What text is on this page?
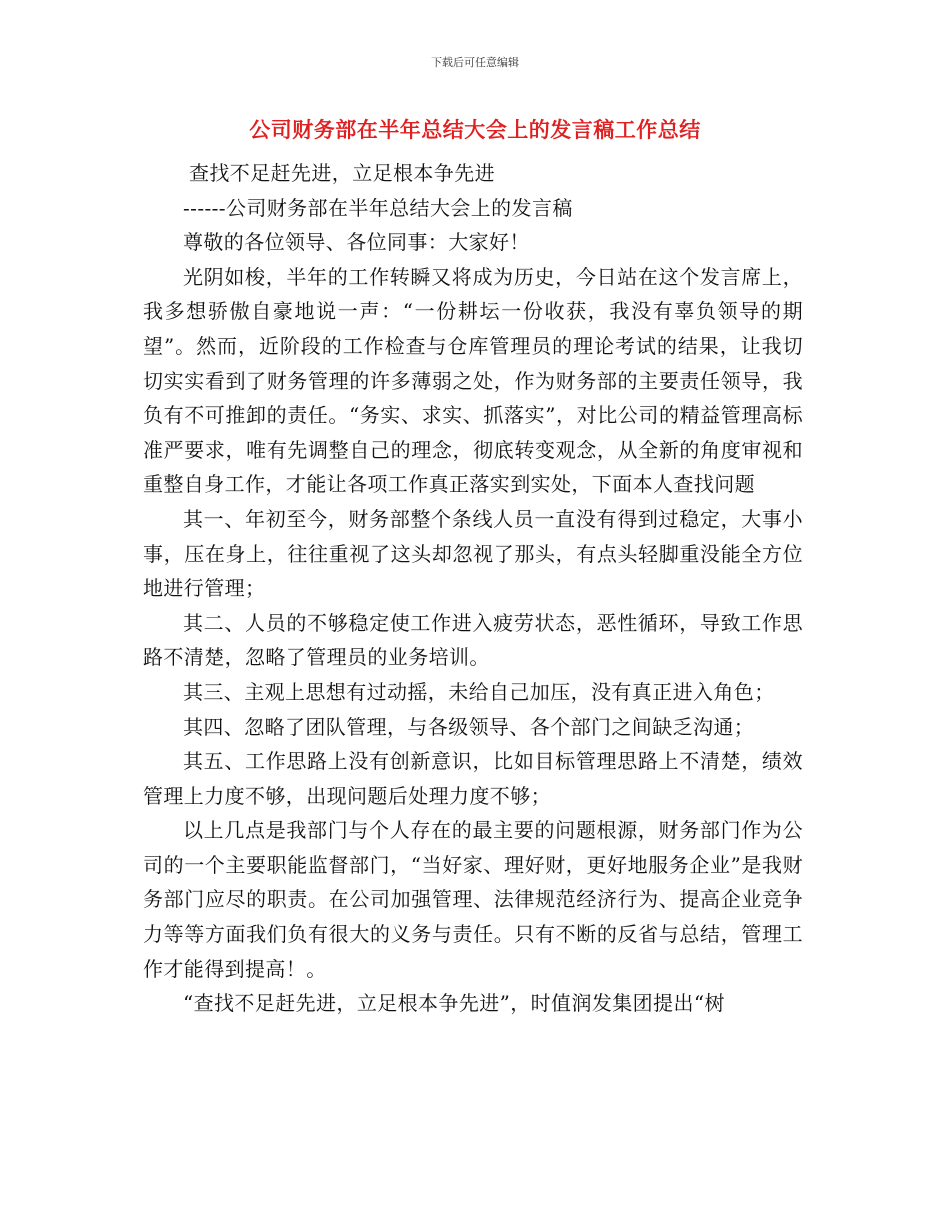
下载后可任意编辑
公司财务部在半年总结大会上的发言稿工作总结

查找不足赶先进，立足根本争先进

------公司财务部在半年总结大会上的发言稿

尊敬的各位领导、各位同事：大家好！

光阴如梭，半年的工作转瞬又将成为历史，今日站在这个发言席上，我多想骄傲自豪地说一声：“一份耕坛一份收获，我没有辜负领导的期望”。然而，近阶段的工作检查与仓库管理员的理论考试的结果，让我切切实实看到了财务管理的许多薄弱之处，作为财务部的主要责任领导，我负有不可推卸的责任。“务实、求实、抓落实”，对比公司的精益管理高标准严要求，唯有先调整自己的理念，彻底转变观念，从全新的角度审视和重整自身工作，才能让各项工作真正落实到实处，下面本人查找问题

其一、年初至今，财务部整个条线人员一直没有得到过稳定，大事小事，压在身上，往往重视了这头却忽视了那头，有点头轻脚重没能全方位地进行管理；

其二、人员的不够稳定使工作进入疲劳状态，恶性循环，导致工作思路不清楚，忽略了管理员的业务培训。

其三、主观上思想有过动摇，未给自己加压，没有真正进入角色；

其四、忽略了团队管理，与各级领导、各个部门之间缺乏沟通；

其五、工作思路上没有创新意识，比如目标管理思路上不清楚，绩效管理上力度不够，出现问题后处理力度不够；

以上几点是我部门与个人存在的最主要的问题根源，财务部门作为公司的一个主要职能监督部门，“当好家、理好财，更好地服务企业”是我财务部门应尽的职责。在公司加强管理、法律规范经济行为、提高企业竞争力等等方面我们负有很大的义务与责任。只有不断的反省与总结，管理工作才能得到提高！。

“查找不足赶先进，立足根本争先进”，时值润发集团提出“树
